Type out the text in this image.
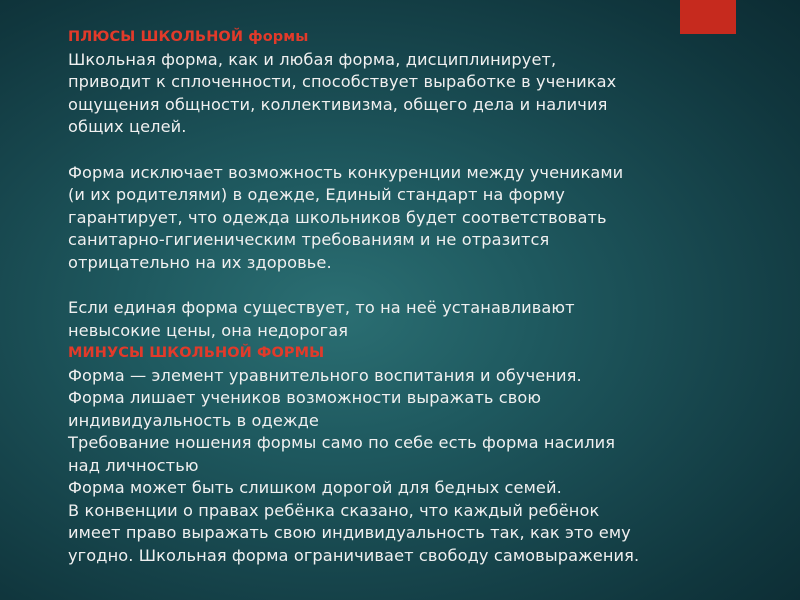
ПЛЮСЫ ШКОЛЬНОЙ формы
Школьная форма, как и любая форма, дисциплинирует,
приводит к сплоченности, способствует выработке в учениках
ощущения общности, коллективизма, общего дела и наличия
общих целей.
Форма исключает возможность конкуренции между учениками
(и их родителями) в одежде, Единый стандарт на форму
гарантирует, что одежда школьников будет соответствовать
санитарно-гигиеническим требованиям и не отразится
отрицательно на их здоровье.
Если единая форма существует, то на неё устанавливают
невысокие цены, она недорогая
МИНУСЫ ШКОЛЬНОЙ ФОРМЫ
Форма — элемент уравнительного воспитания и обучения.
Форма лишает учеников возможности выражать свою
индивидуальность в одежде
Требование ношения формы само по себе есть форма насилия
над личностью
Форма может быть слишком дорогой для бедных семей.
В конвенции о правах ребёнка сказано, что каждый ребёнок
имеет право выражать свою индивидуальность так, как это ему
угодно. Школьная форма ограничивает свободу самовыражения.
